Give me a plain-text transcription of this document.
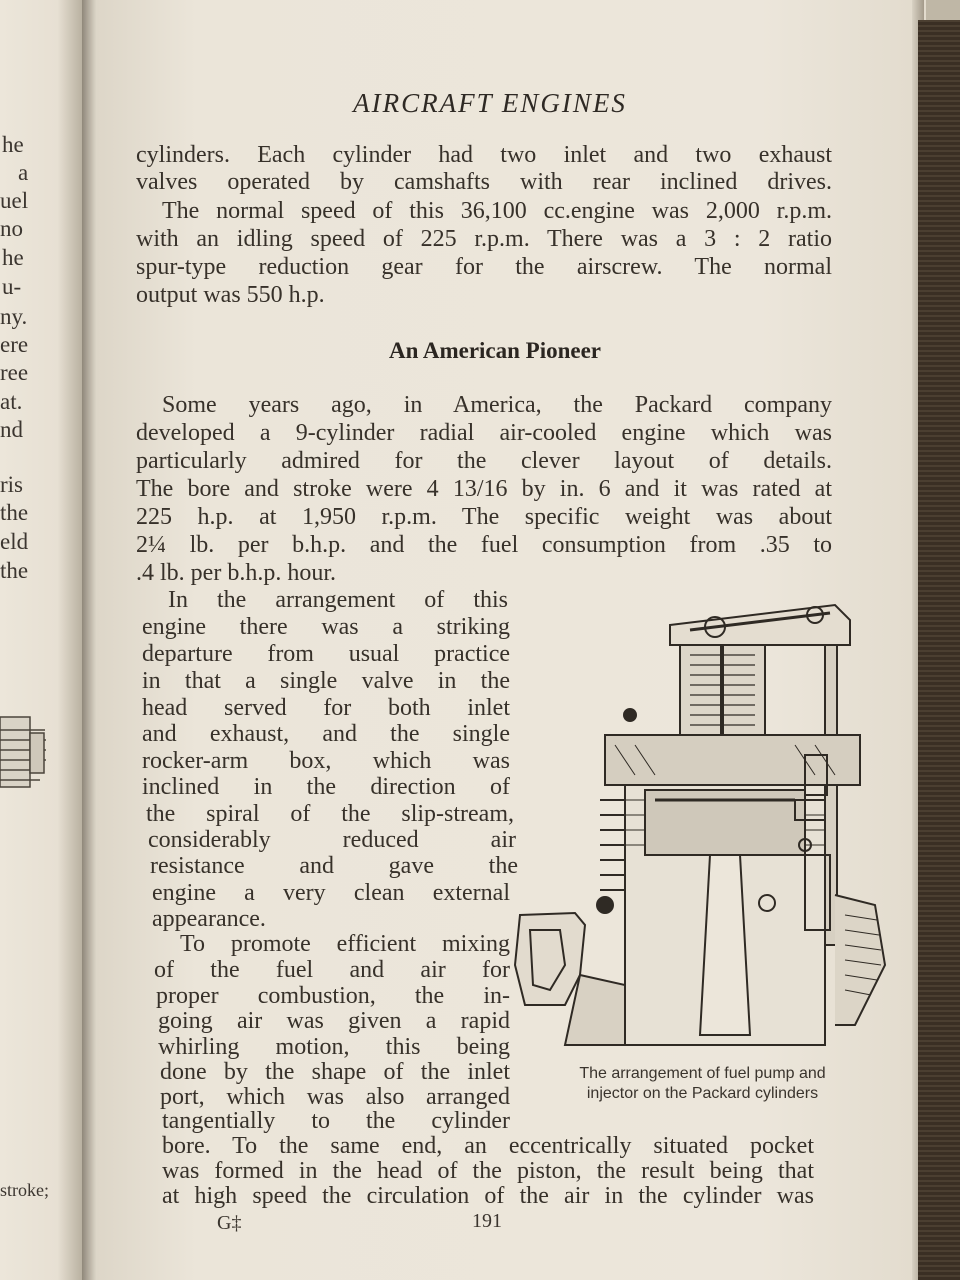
he
a
uel
no
he
u-
ny.
ere
ree
at.
nd
ris
the
eld
the
stroke;
AIRCRAFT ENGINES
cylinders. Each cylinder had two inlet and two exhaust
valves operated by camshafts with rear inclined drives.
The normal speed of this 36,100 cc.engine was 2,000 r.p.m.
with an idling speed of 225 r.p.m. There was a 3 : 2 ratio
spur-type reduction gear for the airscrew. The normal
output was 550 h.p.
An American Pioneer
Some years ago, in America, the Packard company
developed a 9-cylinder radial air-cooled engine which was
particularly admired for the clever layout of details.
The bore and stroke were 4 13/16 by in. 6 and it was rated at
225 h.p. at 1,950 r.p.m. The specific weight was about
2¼ lb. per b.h.p. and the fuel consumption from .35 to
.4 lb. per b.h.p. hour.
In the arrangement of this
engine there was a striking
departure from usual practice
in that a single valve in the
head served for both inlet
and exhaust, and the single
rocker-arm box, which was
inclined in the direction of
the spiral of the slip-stream,
considerably reduced air
resistance and gave the
engine a very clean external
appearance.
To promote efficient mixing
of the fuel and air for
proper combustion, the in-
going air was given a rapid
whirling motion, this being
done by the shape of the inlet
port, which was also arranged
tangentially to the cylinder
The arrangement of fuel pump and
injector on the Packard cylinders
bore. To the same end, an eccentrically situated pocket
was formed in the head of the piston, the result being that
at high speed the circulation of the air in the cylinder was
G‡	191
